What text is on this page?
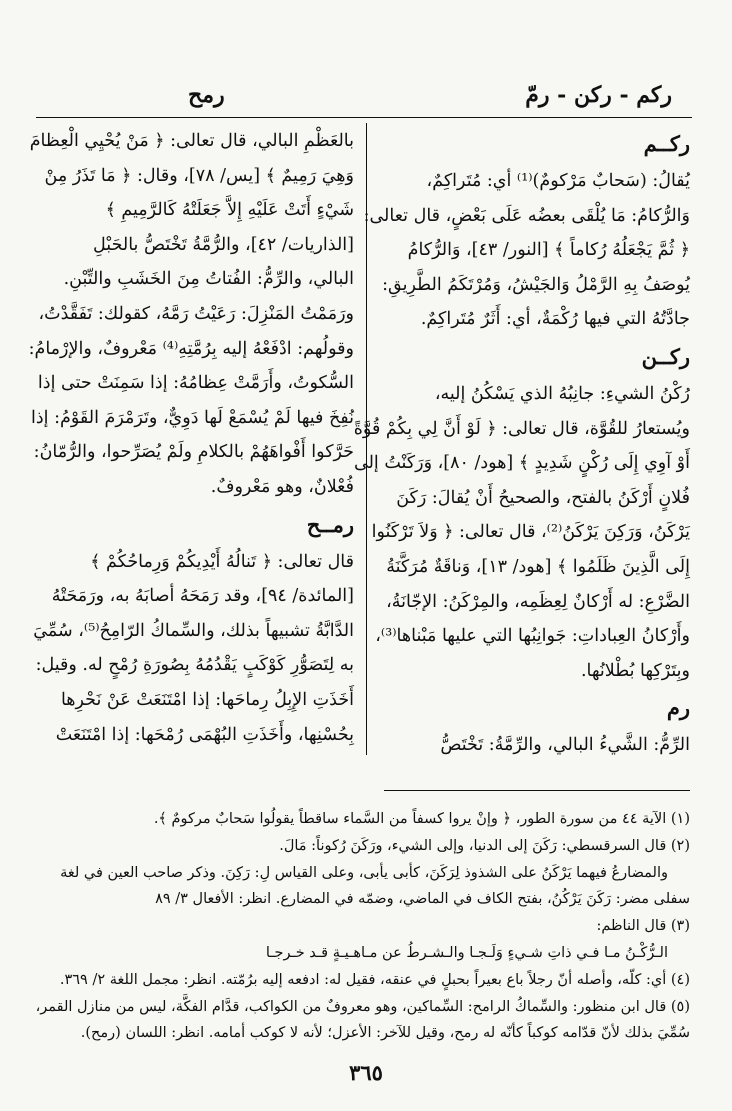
ركم - ركن - رمّ
رمح
ركــم
يُقالُ: (سَحابٌ مَرْكومٌ)⁽¹⁾ أي: مُتَراكِمٌ،
وَالرُّكامُ: مَا يُلْقَى بعضُه عَلَى بَعْضٍ، قال تعالى:
﴿ ثُمَّ يَجْعَلُهُ رُكاماً ﴾ [النور/ ٤٣]، وَالرُّكامُ
يُوصَفُ بِهِ الرَّمْلُ وَالجَيْشُ، وَمُرْتَكَمُ الطَّرِيقِ:
جادَّتُهُ التي فيها رُكْمَةٌ، أي: أَثَرٌ مُتَراكِمٌ.
ركــن
رُكْنُ الشيءِ: جانِبُهُ الذي يَسْكُنُ إليه،
ويُستعارُ للقُوَّة، قال تعالى: ﴿ لَوْ أَنَّ لِي بِكُمْ قُوَّةً
أَوْ آوِي إِلَى رُكْنٍ شَدِيدٍ ﴾ [هود/ ٨٠]، وَرَكَنْتُ إلى
فُلانٍ أَرْكَنُ بالفتح، والصحيحُ أَنْ يُقالَ: رَكَنَ
يَرْكَنُ، وَرَكِنَ يَرْكَنُ⁽²⁾، قال تعالى: ﴿ وَلاَ تَرْكَنُوا
إِلَى الَّذِينَ ظَلَمُوا ﴾ [هود/ ١٣]، وَناقَةٌ مُرَكَّنَةُ
الضَّرْعِ: له أَرْكانٌ لِعِظَمِه، والمِرْكَنُ: الإجّانَةُ،
وأَرْكانُ العِباداتِ: جَوانِبُها التي عليها مَبْناها⁽³⁾،
وبِتَرْكِها بُطْلانُها.
رم
الرِّمُّ: الشَّيءُ البالي، والرِّمَّةُ: تَخْتَصُّ
بالعَظْمِ البالي، قال تعالى: ﴿ مَنْ يُحْيِي الْعِظامَ
وَهِيَ رَمِيمٌ ﴾ [يس/ ٧٨]، وقال: ﴿ مَا تَذَرُ مِنْ
شَيْءٍ أَتَتْ عَلَيْهِ إِلاَّ جَعَلَتْهُ كَالرَّمِيمِ ﴾
[الذاريات/ ٤٢]، والرُّمَّةُ تَخْتَصُّ بالحَبْلِ
البالي، والرِّمُّ: الفُتاتُ مِنَ الخَشَبِ والتِّبْنِ.
ورَمَمْتُ المَنْزِلَ: رَعَيْتُ رَمَّهُ، كقولك: تَفَقَّدْتُ،
وقولُهم: ادْفَعْهُ إليه بِرُمَّتِهِ⁽⁴⁾ مَعْروفٌ، والإرْمامُ:
السُّكوتُ، وأَرَمَّتْ عِظامُهُ: إذا سَمِنَتْ حتى إذا
نُفِخَ فيها لَمْ يُسْمَعْ لَها دَوِيٌّ، وتَرَمْرَمَ القَوْمُ: إذا
حَرَّكوا أَفْواهَهُمْ بالكلامِ ولَمْ يُصَرِّحوا، والرُّمّانُ:
فُعْلانٌ، وهو مَعْروفٌ.
رمــح
قال تعالى: ﴿ تَنالُهُ أَيْدِيكُمْ وَرِماحُكُمْ ﴾
[المائدة/ ٩٤]، وقد رَمَحَهُ أصابَهُ به، ورَمَحَتْهُ
الدَّابَّةُ تشبيهاً بذلك، والسِّماكُ الرّامِحُ⁽⁵⁾، سُمِّيَ
به لِتَصَوُّرِ كَوْكَبٍ يَقْدُمُهُ بِصُورَةِ رُمْحٍ له. وقيل:
أَخَذَتِ الإِبِلُ رِماحَها: إذا امْتَنَعَتْ عَنْ نَحْرِها
بِحُسْنِها، وأَخَذَتِ البُهْمَى رُمْحَها: إذا امْتَنَعَتْ
(١) الآية ٤٤ من سورة الطور، ﴿ وإنْ يروا كسفاً من السَّماء ساقطاً يقولُوا سَحابٌ مركومٌ ﴾.
(٢) قال السرقسطي: رَكَنَ إلى الدنيا، وإلى الشيء، ورَكَنَ رُكوناً: مَالَ.
والمضارعُ فيهما يَرْكَنُ على الشذوذ لِرَكَنَ، كأبى يأبى، وعلى القياس لِ: رَكِنَ. وذكر صاحب العين في لغة
سفلى مضر: رَكَنَ يَرْكُنُ، بفتح الكاف في الماضي، وضمّه في المضارع. انظر: الأفعال ٣/ ٨٩
(٣) قال الناظم:
الـرُّكْـنُ مـا فـي ذاتِ شـيءٍ وَلَـجـا والـشـرطُ عن مـاهـيـةٍ قـد خـرجـا
(٤) أي: كلّه، وأصله أنّ رجلاً باع بعيراً بحبلٍ في عنقه، فقيل له: ادفعه إليه برُمّته. انظر: مجمل اللغة ٢/ ٣٦٩.
(٥) قال ابن منظور: والسِّماكُ الرامح: السِّماكين، وهو معروفٌ من الكواكب، قدَّام الفكَّة، ليس من منازل القمر،
سُمِّيَ بذلك لأنّ قدّامه كوكباً كأنّه له رمح، وقيل للآخر: الأعزل؛ لأنه لا كوكب أمامه. انظر: اللسان (رمح).
٣٦٥
